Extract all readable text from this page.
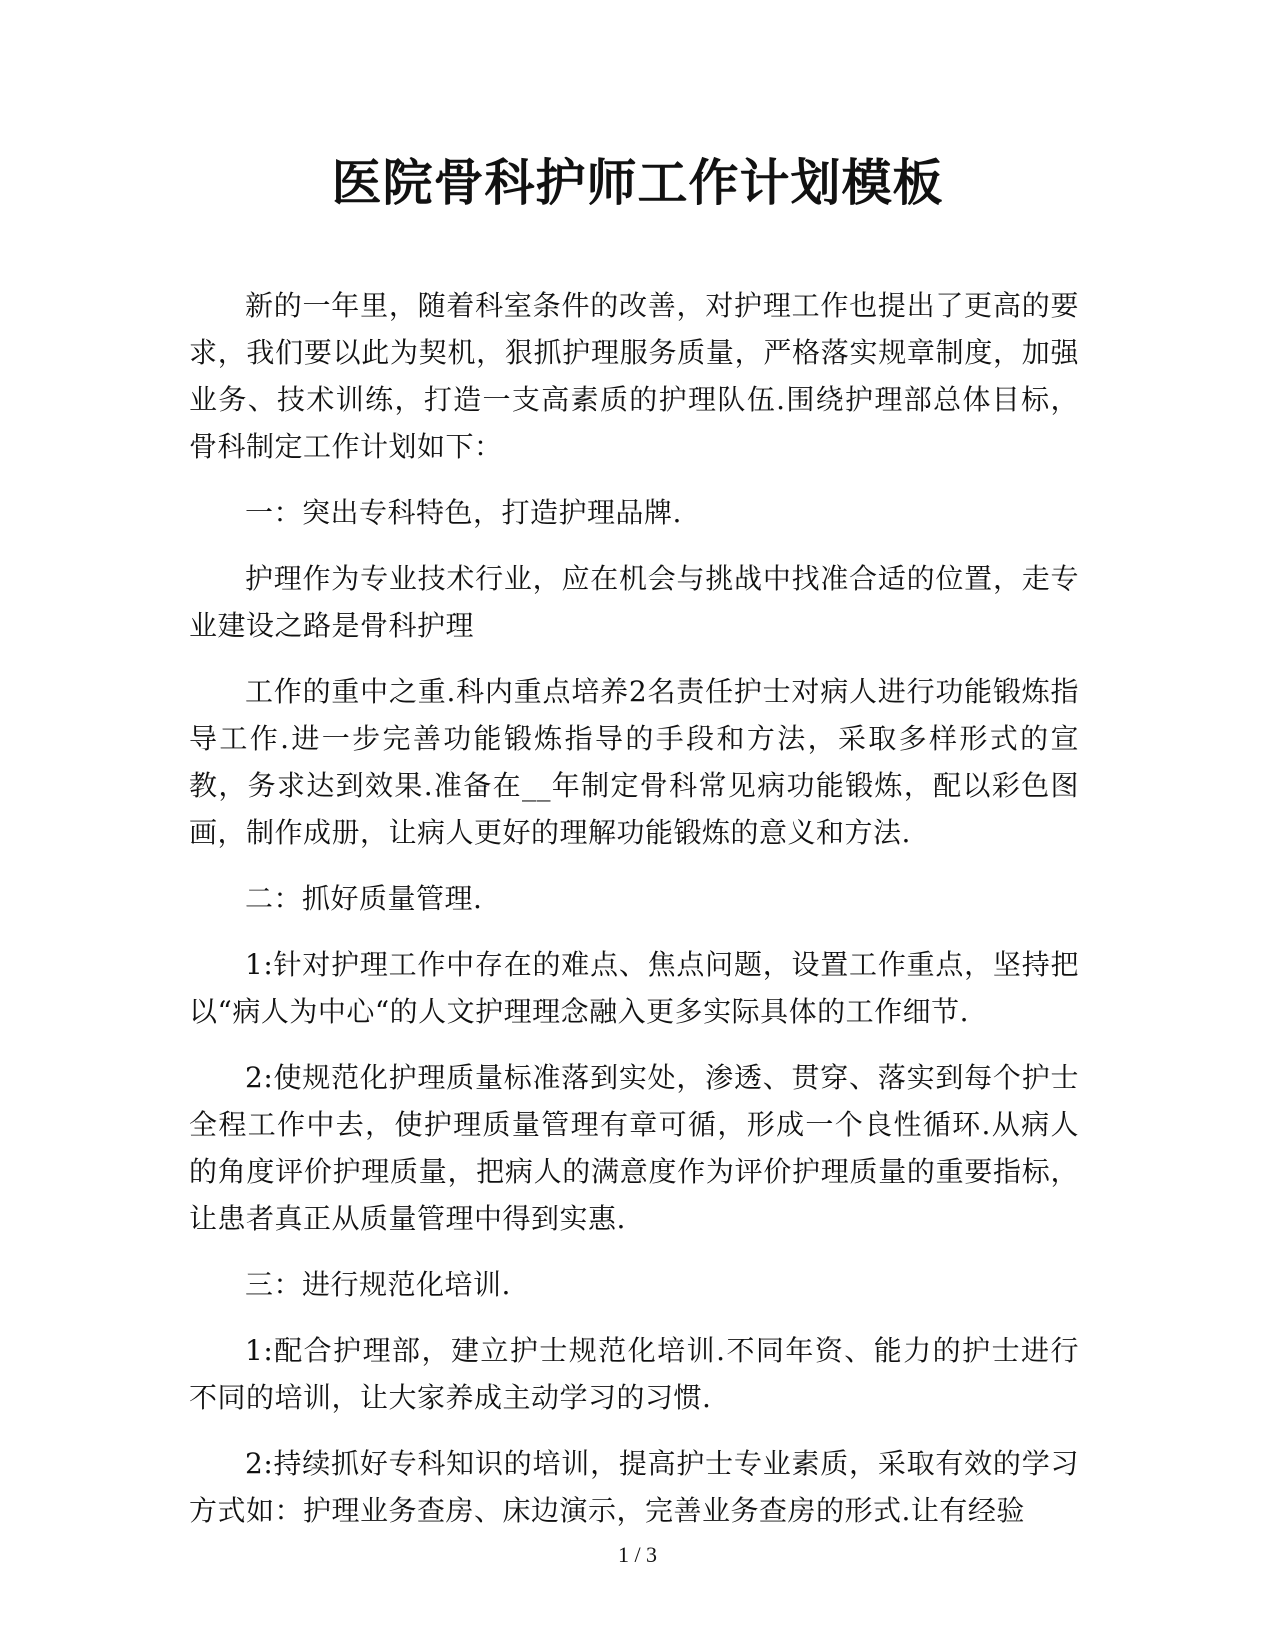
医院骨科护师工作计划模板

新的一年里，随着科室条件的改善，对护理工作也提出了更高的要求，我们要以此为契机，狠抓护理服务质量，严格落实规章制度，加强业务、技术训练，打造一支高素质的护理队伍.围绕护理部总体目标，骨科制定工作计划如下：

一：突出专科特色，打造护理品牌.

护理作为专业技术行业，应在机会与挑战中找准合适的位置，走专业建设之路是骨科护理

工作的重中之重.科内重点培养2名责任护士对病人进行功能锻炼指导工作.进一步完善功能锻炼指导的手段和方法，采取多样形式的宣教，务求达到效果.准备在__年制定骨科常见病功能锻炼，配以彩色图画，制作成册，让病人更好的理解功能锻炼的意义和方法.

二：抓好质量管理.

1:针对护理工作中存在的难点、焦点问题，设置工作重点，坚持把以“病人为中心“的人文护理理念融入更多实际具体的工作细节.

2:使规范化护理质量标准落到实处，渗透、贯穿、落实到每个护士全程工作中去，使护理质量管理有章可循，形成一个良性循环.从病人的角度评价护理质量，把病人的满意度作为评价护理质量的重要指标，让患者真正从质量管理中得到实惠.

三：进行规范化培训.

1:配合护理部，建立护士规范化培训.不同年资、能力的护士进行不同的培训，让大家养成主动学习的习惯.

2:持续抓好专科知识的培训，提高护士专业素质，采取有效的学习方式如：护理业务查房、床边演示，完善业务查房的形式.让有经验

1 / 3
